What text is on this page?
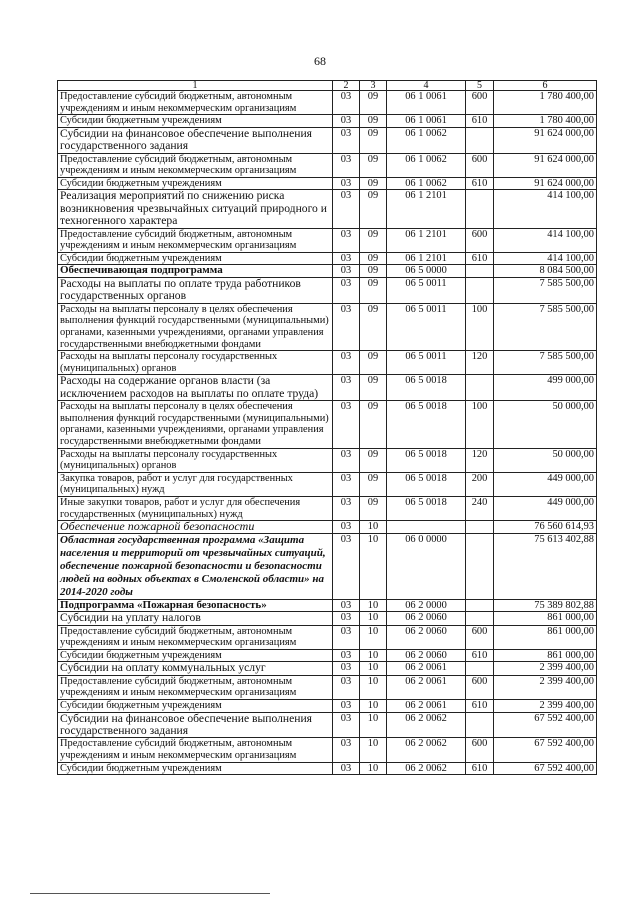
68
1	2	3	4	5	6
Предоставление субсидий бюджетным, автономным учреждениям и иным некоммерческим организациям	03	09	06 1 0061	600	1 780 400,00
Субсидии бюджетным учреждениям	03	09	06 1 0061	610	1 780 400,00
Субсидии на финансовое обеспечение выполнения государственного задания	03	09	06 1 0062		91 624 000,00
Предоставление субсидий бюджетным, автономным учреждениям и иным некоммерческим организациям	03	09	06 1 0062	600	91 624 000,00
Субсидии бюджетным учреждениям	03	09	06 1 0062	610	91 624 000,00
Реализация мероприятий по снижению риска возникновения чрезвычайных ситуаций природного и техногенного характера	03	09	06 1 2101		414 100,00
Предоставление субсидий бюджетным, автономным учреждениям и иным некоммерческим организациям	03	09	06 1 2101	600	414 100,00
Субсидии бюджетным учреждениям	03	09	06 1 2101	610	414 100,00
Обеспечивающая подпрограмма	03	09	06 5 0000		8 084 500,00
Расходы на выплаты по оплате труда работников государственных органов	03	09	06 5 0011		7 585 500,00
Расходы на выплаты персоналу в целях обеспечения выполнения функций государственными (муниципальными) органами, казенными учреждениями, органами управления государственными внебюджетными фондами	03	09	06 5 0011	100	7 585 500,00
Расходы на выплаты персоналу государственных (муниципальных) органов	03	09	06 5 0011	120	7 585 500,00
Расходы на содержание органов власти (за исключением расходов на выплаты по оплате труда)	03	09	06 5 0018		499 000,00
Расходы на выплаты персоналу в целях обеспечения выполнения функций государственными (муниципальными) органами, казенными учреждениями, органами управления государственными внебюджетными фондами	03	09	06 5 0018	100	50 000,00
Расходы на выплаты персоналу государственных (муниципальных) органов	03	09	06 5 0018	120	50 000,00
Закупка товаров, работ и услуг для государственных (муниципальных) нужд	03	09	06 5 0018	200	449 000,00
Иные закупки товаров, работ и услуг для обеспечения государственных (муниципальных) нужд	03	09	06 5 0018	240	449 000,00
Обеспечение пожарной безопасности	03	10			76 560 614,93
Областная государственная программа «Защита населения и территорий от чрезвычайных ситуаций, обеспечение пожарной безопасности и безопасности людей на водных объектах в Смоленской области» на 2014-2020 годы	03	10	06 0 0000		75 613 402,88
Подпрограмма «Пожарная безопасность»	03	10	06 2 0000		75 389 802,88
Субсидии на уплату налогов	03	10	06 2 0060		861 000,00
Предоставление субсидий бюджетным, автономным учреждениям и иным некоммерческим организациям	03	10	06 2 0060	600	861 000,00
Субсидии бюджетным учреждениям	03	10	06 2 0060	610	861 000,00
Субсидии на оплату коммунальных услуг	03	10	06 2 0061		2 399 400,00
Предоставление субсидий бюджетным, автономным учреждениям и иным некоммерческим организациям	03	10	06 2 0061	600	2 399 400,00
Субсидии бюджетным учреждениям	03	10	06 2 0061	610	2 399 400,00
Субсидии на финансовое обеспечение выполнения государственного задания	03	10	06 2 0062		67 592 400,00
Предоставление субсидий бюджетным, автономным учреждениям и иным некоммерческим организациям	03	10	06 2 0062	600	67 592 400,00
Субсидии бюджетным учреждениям	03	10	06 2 0062	610	67 592 400,00
